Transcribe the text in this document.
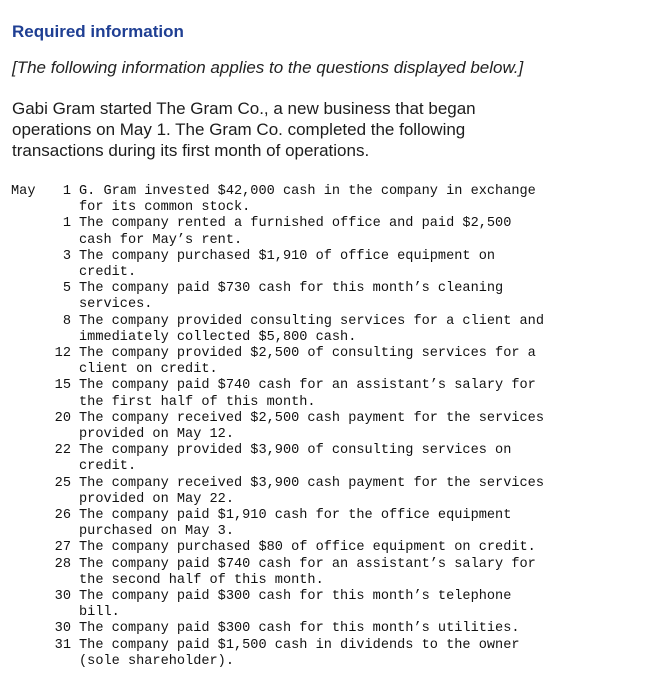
Required information
[The following information applies to the questions displayed below.]
Gabi Gram started The Gram Co., a new business that began
operations on May 1. The Gram Co. completed the following
transactions during its first month of operations.
May	1 G. Gram invested $42,000 cash in the company in exchange
for its common stock.
1 The company rented a furnished office and paid $2,500
cash for May’s rent.
3 The company purchased $1,910 of office equipment on
credit.
5 The company paid $730 cash for this month’s cleaning
services.
8 The company provided consulting services for a client and
immediately collected $5,800 cash.
12 The company provided $2,500 of consulting services for a
client on credit.
15 The company paid $740 cash for an assistant’s salary for
the first half of this month.
20 The company received $2,500 cash payment for the services
provided on May 12.
22 The company provided $3,900 of consulting services on
credit.
25 The company received $3,900 cash payment for the services
provided on May 22.
26 The company paid $1,910 cash for the office equipment
purchased on May 3.
27 The company purchased $80 of office equipment on credit.
28 The company paid $740 cash for an assistant’s salary for
the second half of this month.
30 The company paid $300 cash for this month’s telephone
bill.
30 The company paid $300 cash for this month’s utilities.
31 The company paid $1,500 cash in dividends to the owner
(sole shareholder).
